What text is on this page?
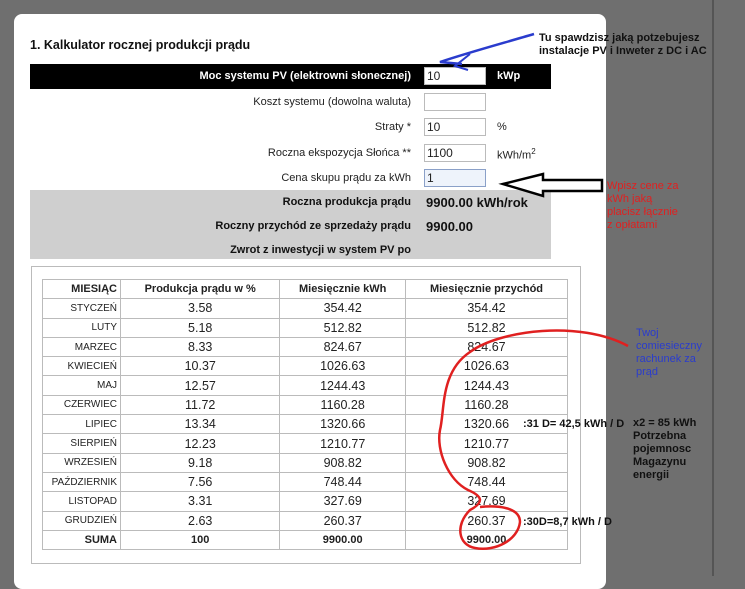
1. Kalkulator rocznej produkcji prądu
Moc systemu PV (elektrowni słonecznej) 10	kWp
Koszt systemu (dowolna waluta)
Straty * 10	%
Roczna ekspozycja Słońca ** 1100	kWh/$m^2$
Cena skupu prądu za kWh 1
Roczna produkcja prądu 9900.00 kWh/rok
Roczny przychód ze sprzedaży prądu 9900.00
Zwrot z inwestycji w system PV po
MIESIĄC	Produkcja prądu w %	Miesięcznie kWh	Miesięcznie przychód
STYCZEŃ	3.58	354.42	354.42
LUTY	5.18	512.82	512.82
MARZEC	8.33	824.67	824.67
KWIECIEŃ	10.37	1026.63	1026.63
MAJ	12.57	1244.43	1244.43
CZERWIEC	11.72	1160.28	1160.28
LIPIEC	13.34	1320.66	1320.66
SIERPIEŃ	12.23	1210.77	1210.77
WRZESIEŃ	9.18	908.82	908.82
PAŹDZIERNIK	7.56	748.44	748.44
LISTOPAD	3.31	327.69	327.69
GRUDZIEŃ	2.63	260.37	260.37
SUMA	100	9900.00	9900.00
Tu spawdzisz jaką potzebujesz
instalacje PV i Inweter z DC i AC
Wpisz cene za
kWh jaką
placisz łącznie
z opłatami
Twoj
comiesieczny
rachunek za
prąd
:31 D= 42,5 kWh / D x2 = 85 kWh
Potrzebna
pojemnosc
Magazynu
energii
:30D=8,7 kWh / D
